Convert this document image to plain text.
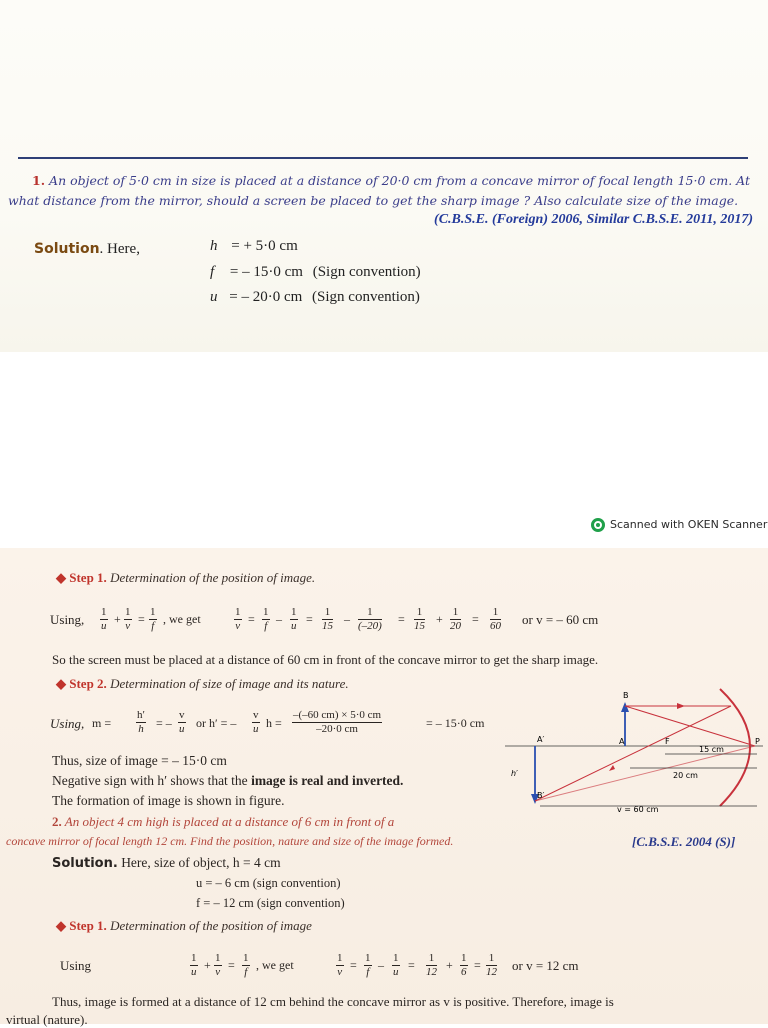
1. An object of 5·0 cm in size is placed at a distance of 20·0 cm from a concave mirror of focal length 15·0 cm. At
what distance from the mirror, should a screen be placed to get the sharp image ? Also calculate size of the image.
(C.B.S.E. (Foreign) 2006, Similar C.B.S.E. 2011, 2017)
Solution. Here,	h = + 5·0 cm
f = – 15·0 cm (Sign convention)
u = – 20·0 cm (Sign convention)
Scanned with OKEN Scanner
◆ Step 1. Determination of the position of image.
Using, $\frac{1}{u} + \frac{1}{v} = \frac{1}{f}$ , we get	$\frac{1}{v} = \frac{1}{f} - \frac{1}{u} = \frac{1}{15} - \frac{1}{(-20)} = \frac{1}{15} + \frac{1}{20} = \frac{1}{60}$ or v = – 60 cm
So the screen must be placed at a distance of 60 cm in front of the concave mirror to get the sharp image.
◆ Step 2. Determination of size of image and its nature.
Using, $m = \frac{h'}{h}$ = – $\frac{v}{u}$ or h′ = – $\frac{v}{u}$ $h = \frac{-(-60 cm) \times 5\cdot 0 cm}{-20\cdot 0 cm}$	= – 15·0 cm
Thus, size of image = – 15·0 cm
Negative sign with h′ shows that the image is real and inverted.
The formation of image is shown in figure.
B
A
A′
B′
h′
F	P
15 cm
20 cm
v = 60 cm
2. An object 4 cm high is placed at a distance of 6 cm in front of a
concave mirror of focal length 12 cm. Find the position, nature and size of the image formed.	[C.B.S.E. 2004 (S)]
Solution. Here, size of object, h = 4 cm
u = – 6 cm (sign convention)
f = – 12 cm (sign convention)
◆ Step 1. Determination of the position of image
Using	$\frac{1}{u} + \frac{1}{v} = \frac{1}{f}$ , we get	$\frac{1}{v} = \frac{1}{f} - \frac{1}{u} = \frac{1}{12} + \frac{1}{6} = \frac{1}{12}$ or v = 12 cm
Thus, image is formed at a distance of 12 cm behind the concave mirror as v is positive. Therefore, image is
virtual (nature).
